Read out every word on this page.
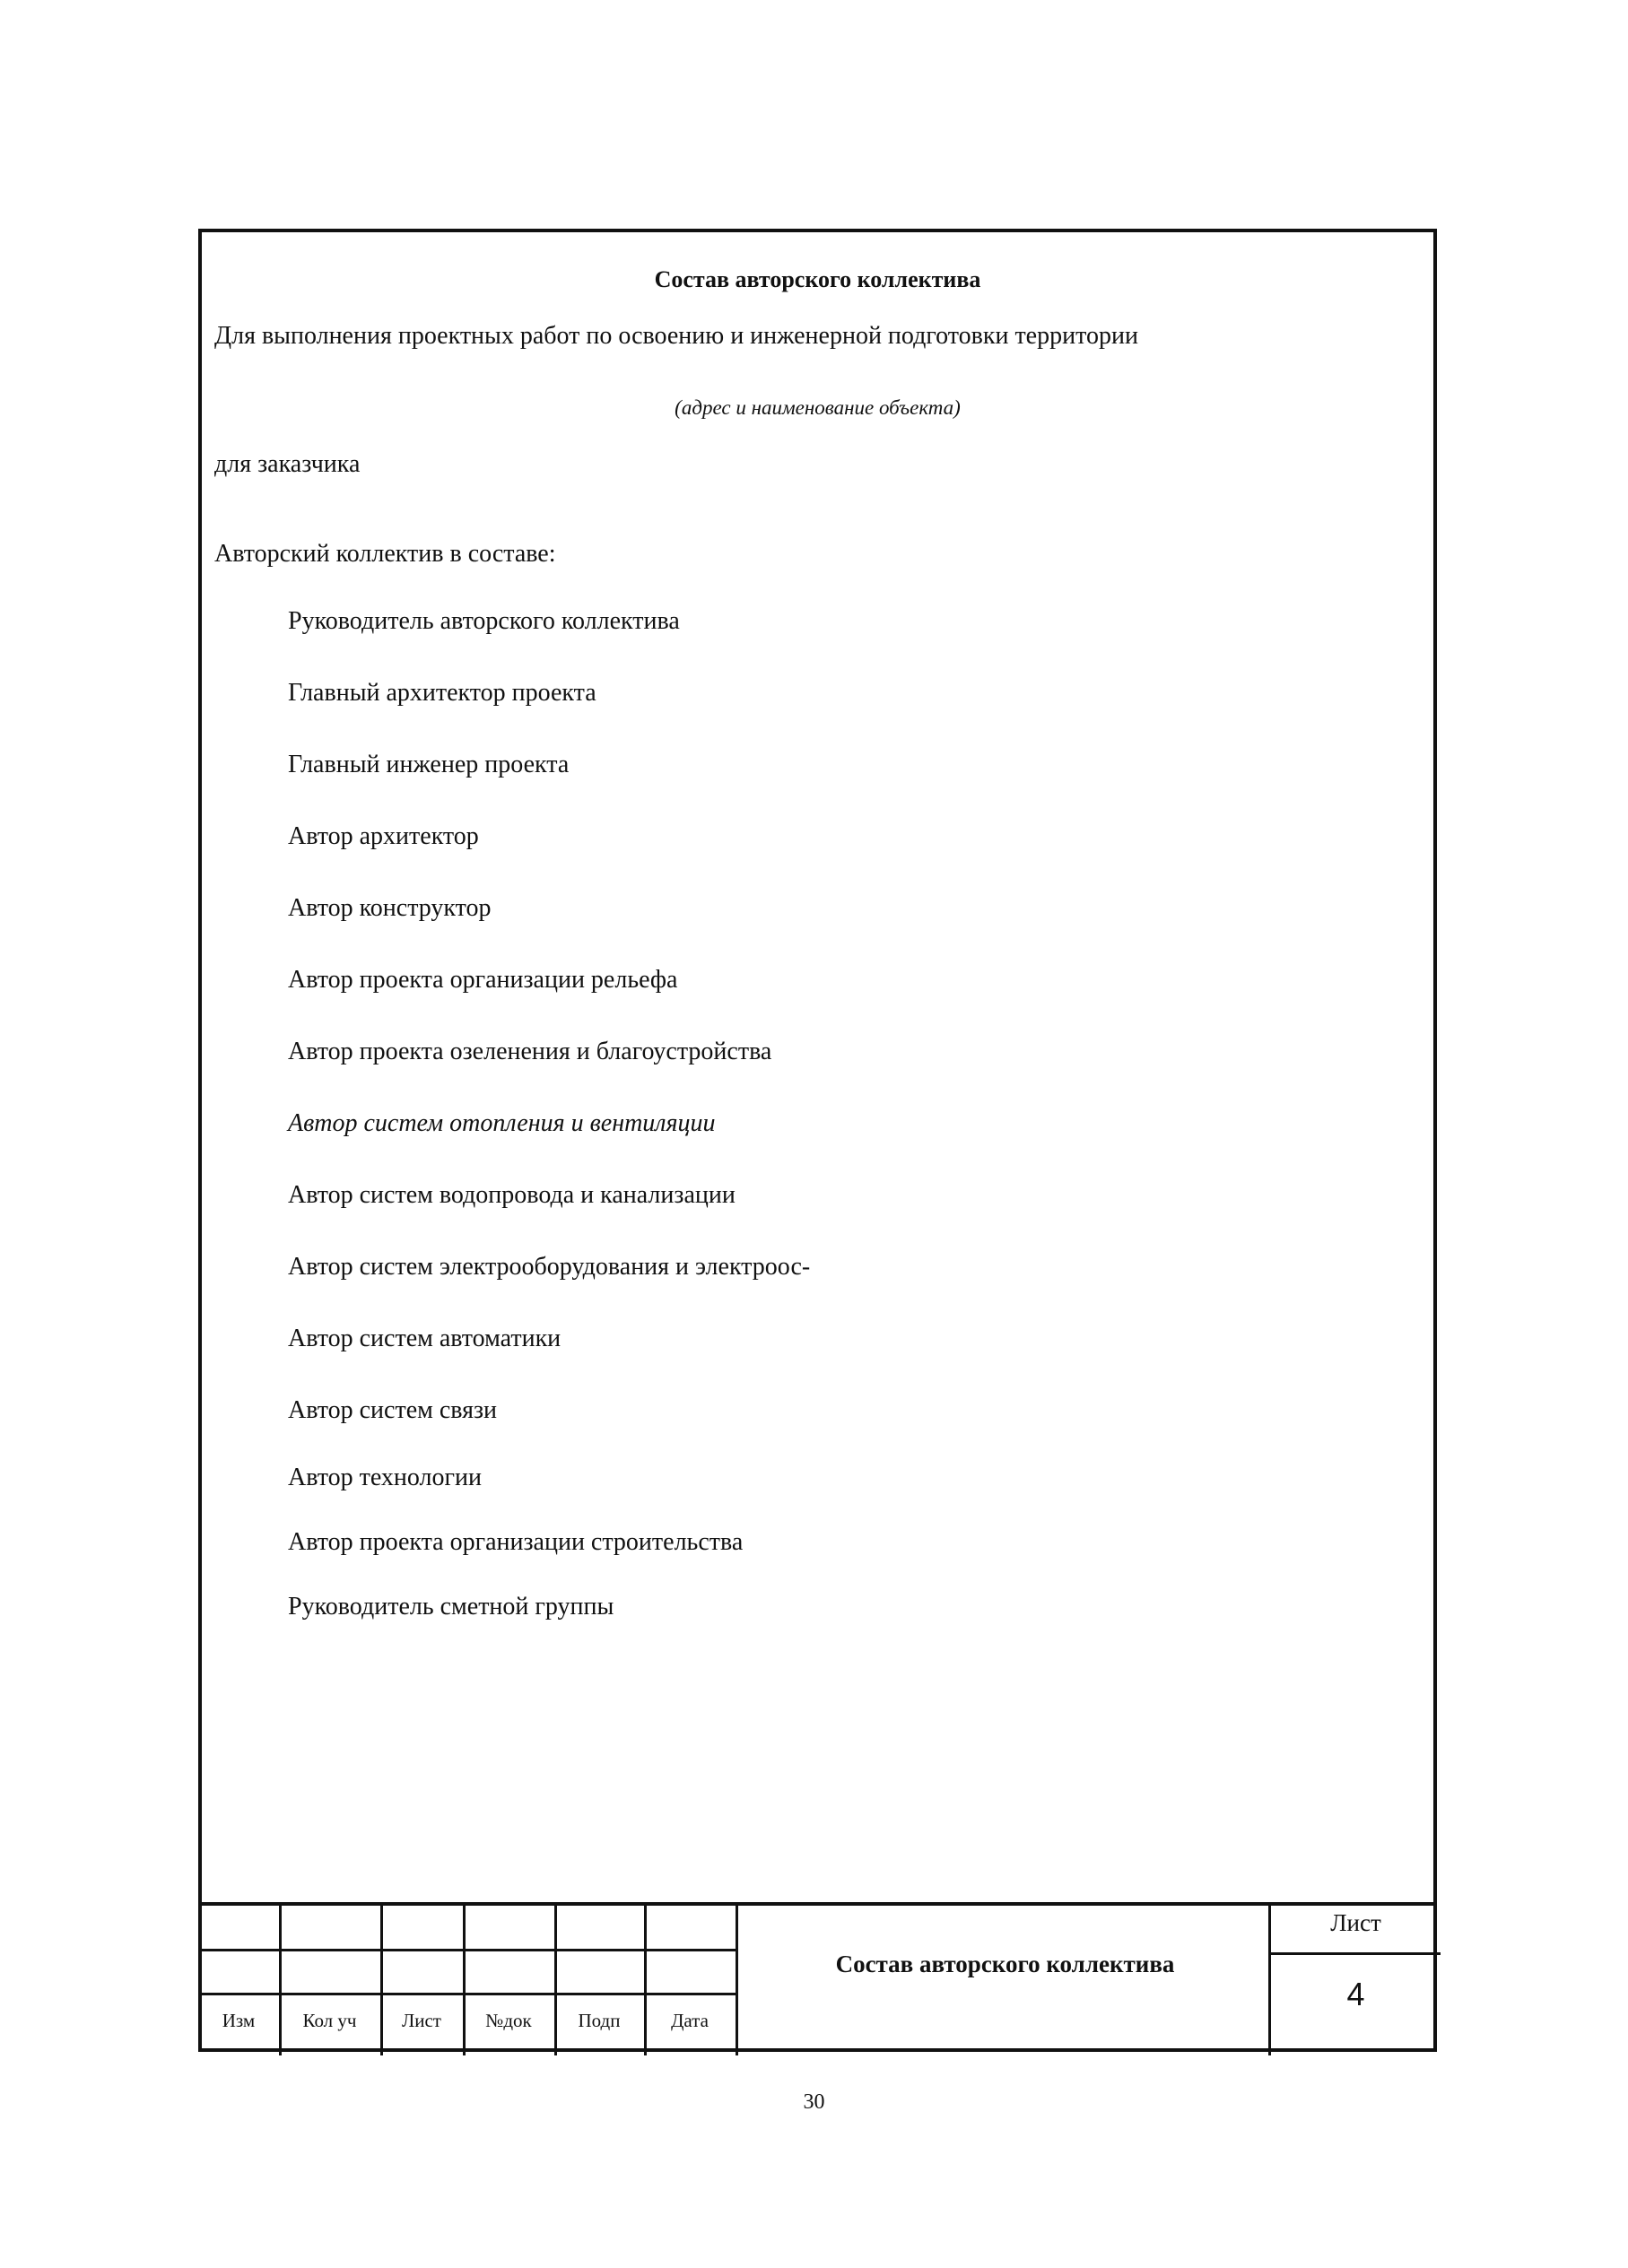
Состав авторского коллектива
Для выполнения проектных работ по освоению и инженерной подготовки территории
(адрес и наименование объекта)
для заказчика
Авторский коллектив в составе:
Руководитель авторского коллектива
Главный архитектор проекта
Главный инженер проекта
Автор архитектор
Автор конструктор
Автор проекта организации рельефа
Автор проекта озеленения и благоустройства
Автор систем отопления и вентиляции
Автор систем водопровода и канализации
Автор систем электрооборудования и электроос-
Автор систем автоматики
Автор систем связи
Автор технологии
Автор проекта организации строительства
Руководитель сметной группы
Изм	Кол уч	Лист	№док	Подп	Дата
Состав авторского коллектива
Лист
4
30
